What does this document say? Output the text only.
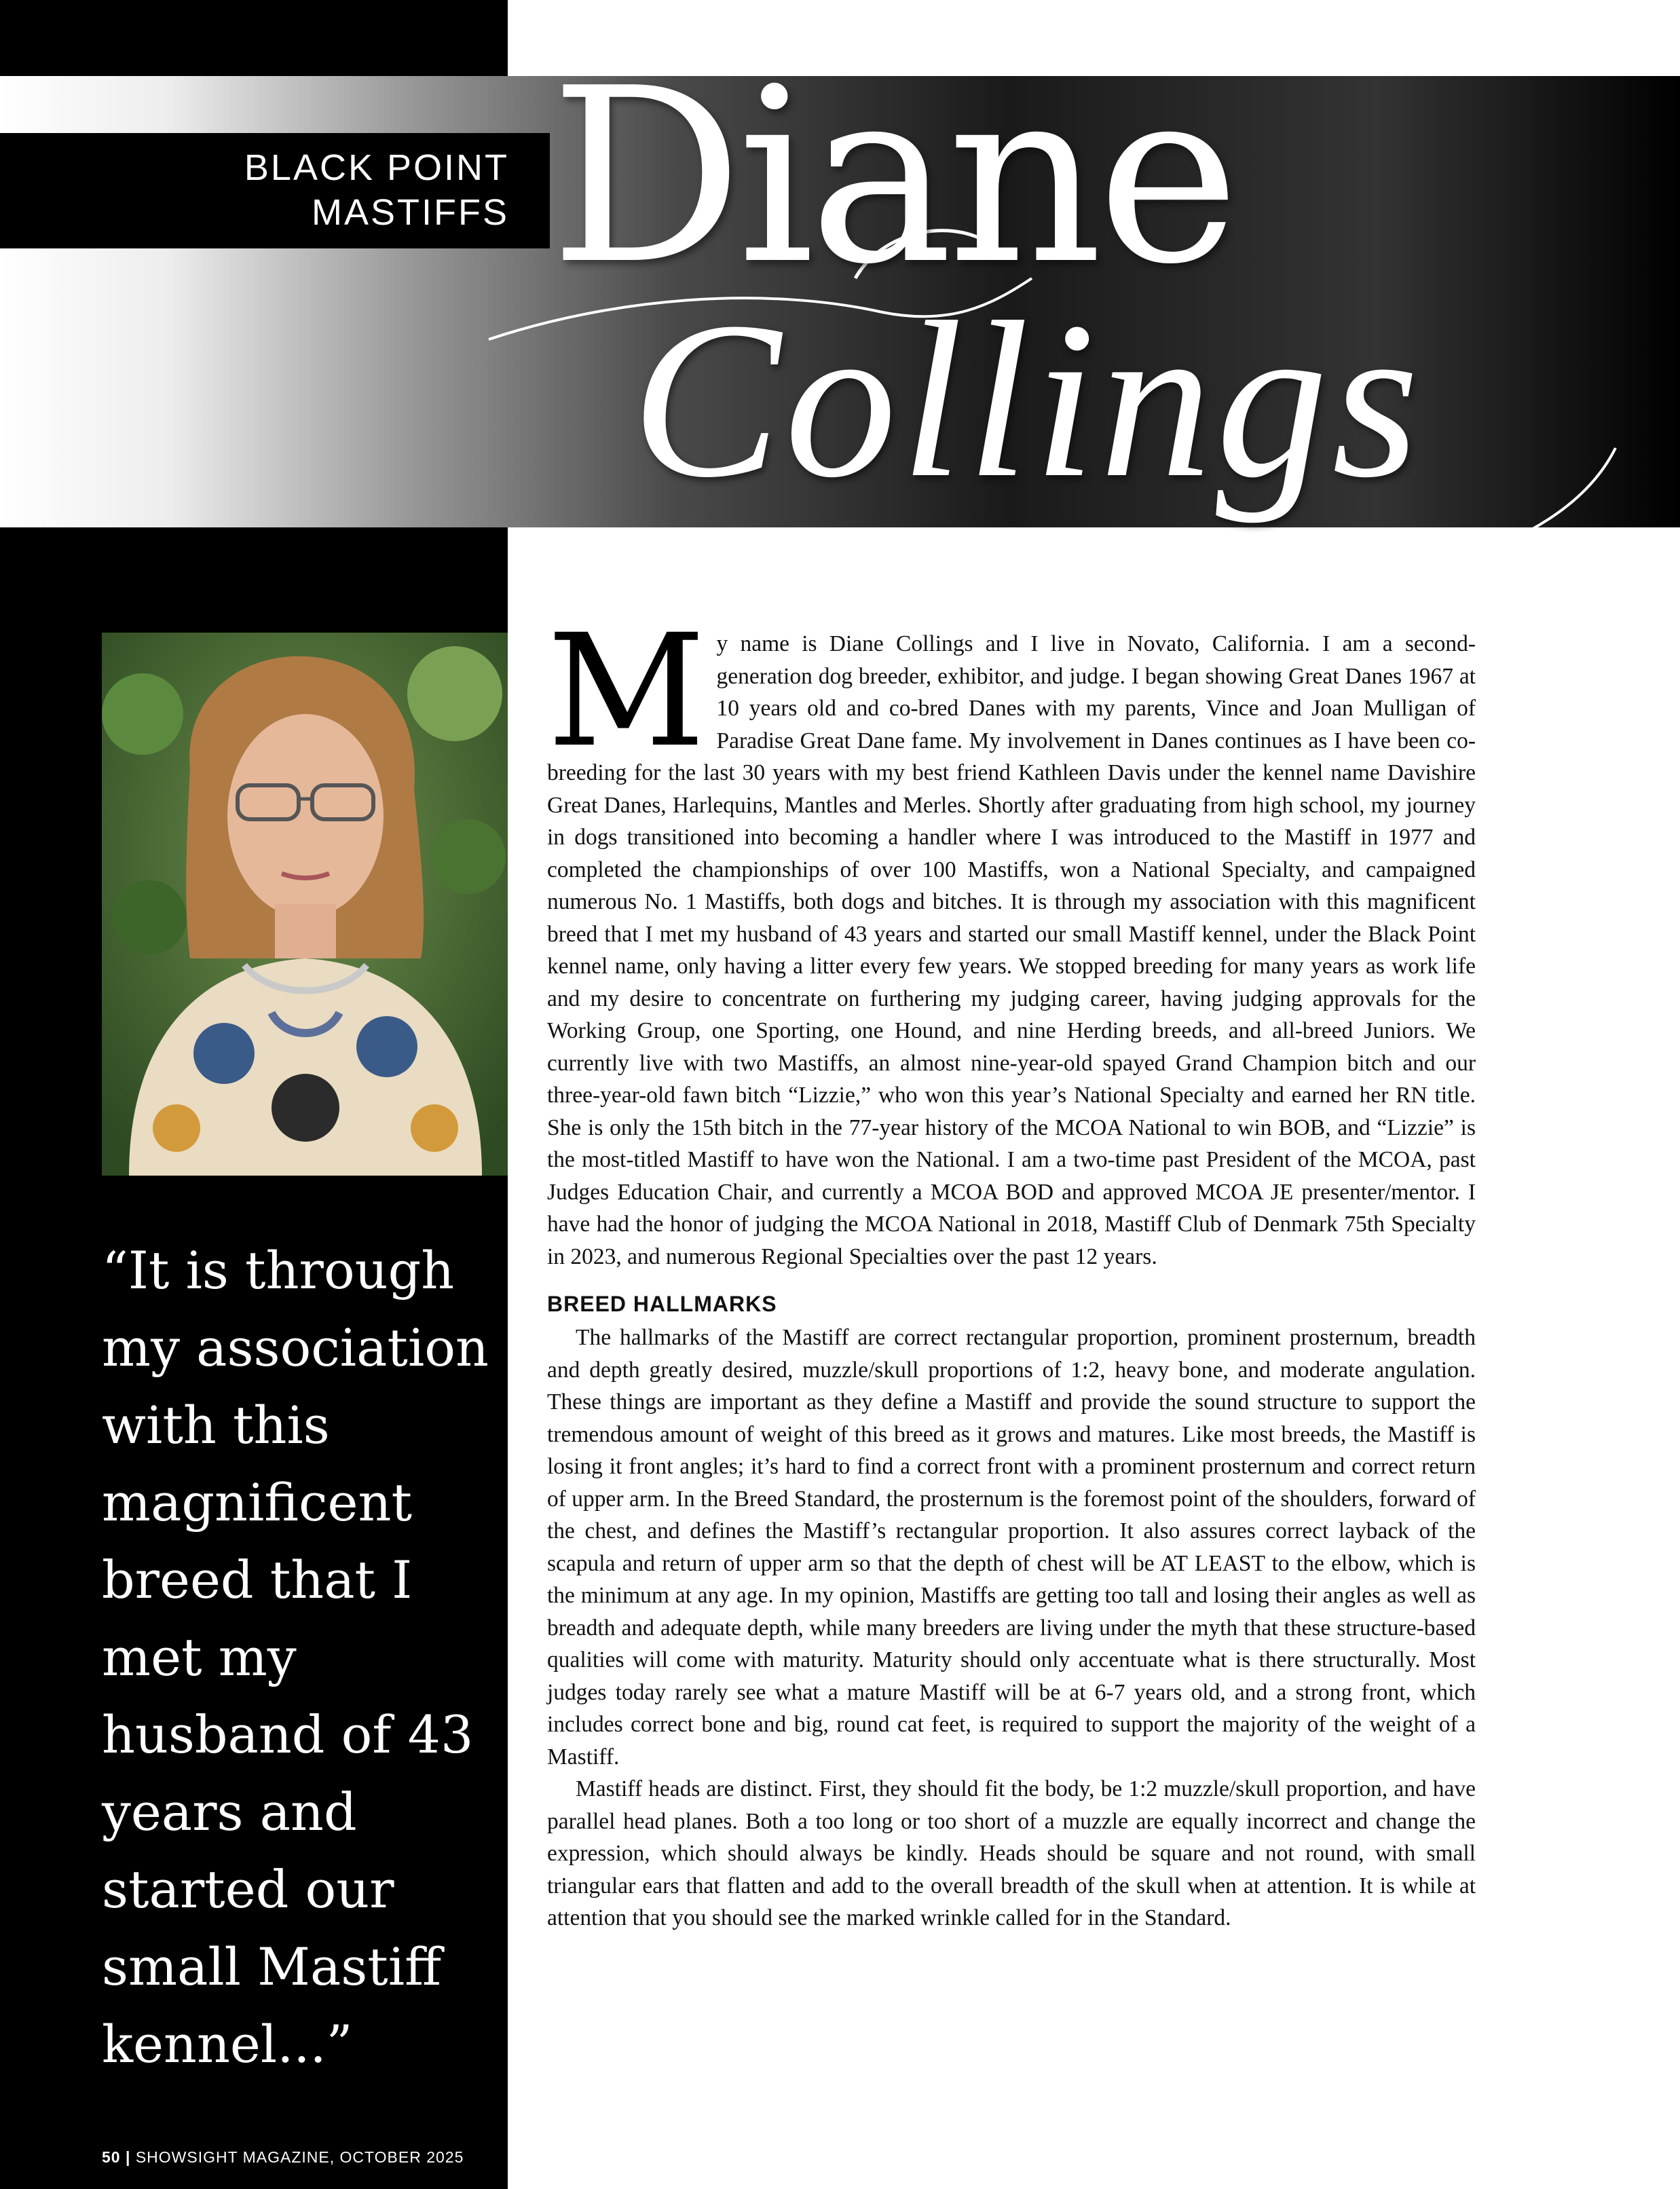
BLACK POINT
MASTIFFS Diane
Collings
“It is through my association with this magnificent breed that I met my husband of 43 years and started our small Mastiff kennel...”
50 | SHOWSIGHT MAGAZINE, OCTOBER 2025

My name is Diane Collings and I live in Novato, California. I am a second-generation dog breeder, exhibitor, and judge. I began showing Great Danes 1967 at 10 years old and co-bred Danes with my parents, Vince and Joan Mulligan of Paradise Great Dane fame. My involvement in Danes continues as I have been co-breeding for the last 30 years with my best friend Kathleen Davis under the kennel name Davishire Great Danes, Harlequins, Mantles and Merles. Shortly after graduating from high school, my journey in dogs transitioned into becoming a handler where I was introduced to the Mastiff in 1977 and completed the championships of over 100 Mastiffs, won a National Specialty, and campaigned numerous No. 1 Mastiffs, both dogs and bitches. It is through my association with this magnificent breed that I met my husband of 43 years and started our small Mastiff kennel, under the Black Point kennel name, only having a litter every few years. We stopped breeding for many years as work life and my desire to concentrate on furthering my judging career, having judging approvals for the Working Group, one Sporting, one Hound, and nine Herding breeds, and all-breed Juniors. We currently live with two Mastiffs, an almost nine-year-old spayed Grand Champion bitch and our three-year-old fawn bitch “Lizzie,” who won this year’s National Specialty and earned her RN title. She is only the 15th bitch in the 77-year history of the MCOA National to win BOB, and “Lizzie” is the most-titled Mastiff to have won the National. I am a two-time past President of the MCOA, past Judges Education Chair, and currently a MCOA BOD and approved MCOA JE presenter/mentor. I have had the honor of judging the MCOA National in 2018, Mastiff Club of Denmark 75th Specialty in 2023, and numerous Regional Specialties over the past 12 years.

BREED HALLMARKS

The hallmarks of the Mastiff are correct rectangular proportion, prominent prosternum, breadth and depth greatly desired, muzzle/skull proportions of 1:2, heavy bone, and moderate angulation. These things are important as they define a Mastiff and provide the sound structure to support the tremendous amount of weight of this breed as it grows and matures. Like most breeds, the Mastiff is losing it front angles; it’s hard to find a correct front with a prominent prosternum and correct return of upper arm. In the Breed Standard, the prosternum is the foremost point of the shoulders, forward of the chest, and defines the Mastiff’s rectangular proportion. It also assures correct layback of the scapula and return of upper arm so that the depth of chest will be AT LEAST to the elbow, which is the minimum at any age. In my opinion, Mastiffs are getting too tall and losing their angles as well as breadth and adequate depth, while many breeders are living under the myth that these structure-based qualities will come with maturity. Maturity should only accentuate what is there structurally. Most judges today rarely see what a mature Mastiff will be at 6-7 years old, and a strong front, which includes correct bone and big, round cat feet, is required to support the majority of the weight of a Mastiff.

Mastiff heads are distinct. First, they should fit the body, be 1:2 muzzle/skull proportion, and have parallel head planes. Both a too long or too short of a muzzle are equally incorrect and change the expression, which should always be kindly. Heads should be square and not round, with small triangular ears that flatten and add to the overall breadth of the skull when at attention. It is while at attention that you should see the marked wrinkle called for in the Standard.
